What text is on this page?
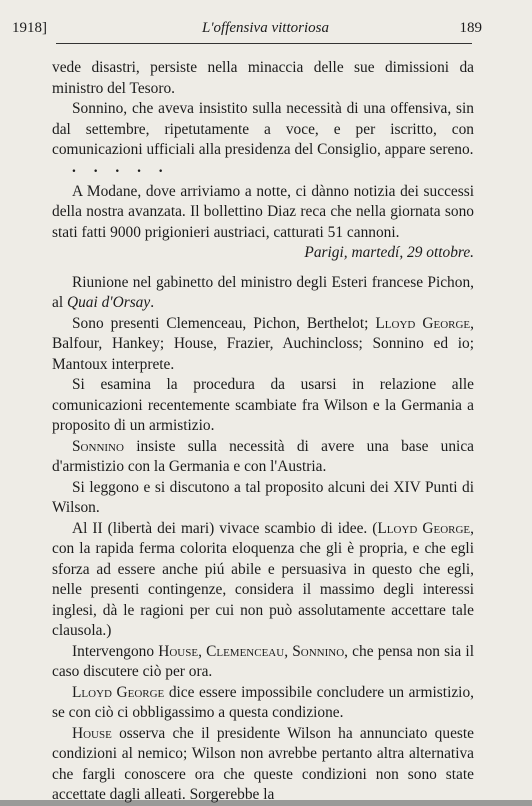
1918]	L'offensiva vittoriosa	189

vede disastri, persiste nella minaccia delle sue dimissioni da ministro del Tesoro.

Sonnino, che aveva insistito sulla necessità di una offensiva, sin dal settembre, ripetutamente a voce, e per iscritto, con comunicazioni ufficiali alla presidenza del Consiglio, appare sereno.

. . . . .

A Modane, dove arriviamo a notte, ci dànno notizia dei successi della nostra avanzata. Il bollettino Diaz reca che nella giornata sono stati fatti 9000 prigionieri austriaci, catturati 51 cannoni.

Parigi, martedí, 29 ottobre.

Riunione nel gabinetto del ministro degli Esteri francese Pichon, al Quai d'Orsay.

Sono presenti Clemenceau, Pichon, Berthelot; Lloyd George, Balfour, Hankey; House, Frazier, Auchincloss; Sonnino ed io; Mantoux interprete.

Si esamina la procedura da usarsi in relazione alle comunicazioni recentemente scambiate fra Wilson e la Germania a proposito di un armistizio.

Sonnino insiste sulla necessità di avere una base unica d'armistizio con la Germania e con l'Austria.

Si leggono e si discutono a tal proposito alcuni dei XIV Punti di Wilson.

Al II (libertà dei mari) vivace scambio di idee. (Lloyd George, con la rapida ferma colorita eloquenza che gli è propria, e che egli sforza ad essere anche piú abile e persuasiva in questo che egli, nelle presenti contingenze, considera il massimo degli interessi inglesi, dà le ragioni per cui non può assolutamente accettare tale clausola.)

Intervengono House, Clemenceau, Sonnino, che pensa non sia il caso discutere ciò per ora.

Lloyd George dice essere impossibile concludere un armistizio, se con ciò ci obbligassimo a questa condizione.

House osserva che il presidente Wilson ha annunciato queste condizioni al nemico; Wilson non avrebbe pertanto altra alternativa che fargli conoscere ora che queste condizioni non sono state accettate dagli alleati. Sorgerebbe la
